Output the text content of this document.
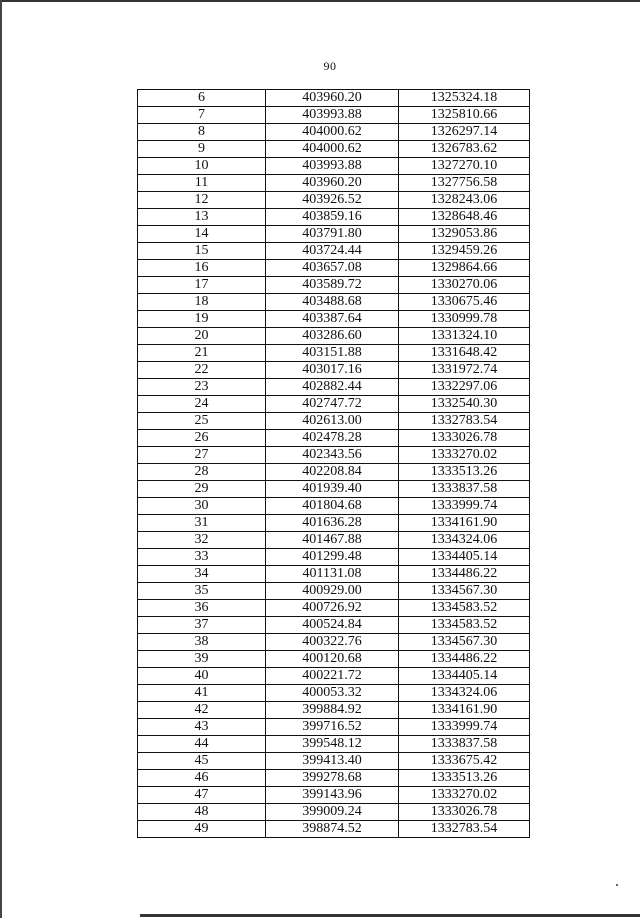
90
6	403960.20	1325324.18
7	403993.88	1325810.66
8	404000.62	1326297.14
9	404000.62	1326783.62
10	403993.88	1327270.10
11	403960.20	1327756.58
12	403926.52	1328243.06
13	403859.16	1328648.46
14	403791.80	1329053.86
15	403724.44	1329459.26
16	403657.08	1329864.66
17	403589.72	1330270.06
18	403488.68	1330675.46
19	403387.64	1330999.78
20	403286.60	1331324.10
21	403151.88	1331648.42
22	403017.16	1331972.74
23	402882.44	1332297.06
24	402747.72	1332540.30
25	402613.00	1332783.54
26	402478.28	1333026.78
27	402343.56	1333270.02
28	402208.84	1333513.26
29	401939.40	1333837.58
30	401804.68	1333999.74
31	401636.28	1334161.90
32	401467.88	1334324.06
33	401299.48	1334405.14
34	401131.08	1334486.22
35	400929.00	1334567.30
36	400726.92	1334583.52
37	400524.84	1334583.52
38	400322.76	1334567.30
39	400120.68	1334486.22
40	400221.72	1334405.14
41	400053.32	1334324.06
42	399884.92	1334161.90
43	399716.52	1333999.74
44	399548.12	1333837.58
45	399413.40	1333675.42
46	399278.68	1333513.26
47	399143.96	1333270.02
48	399009.24	1333026.78
49	398874.52	1332783.54
